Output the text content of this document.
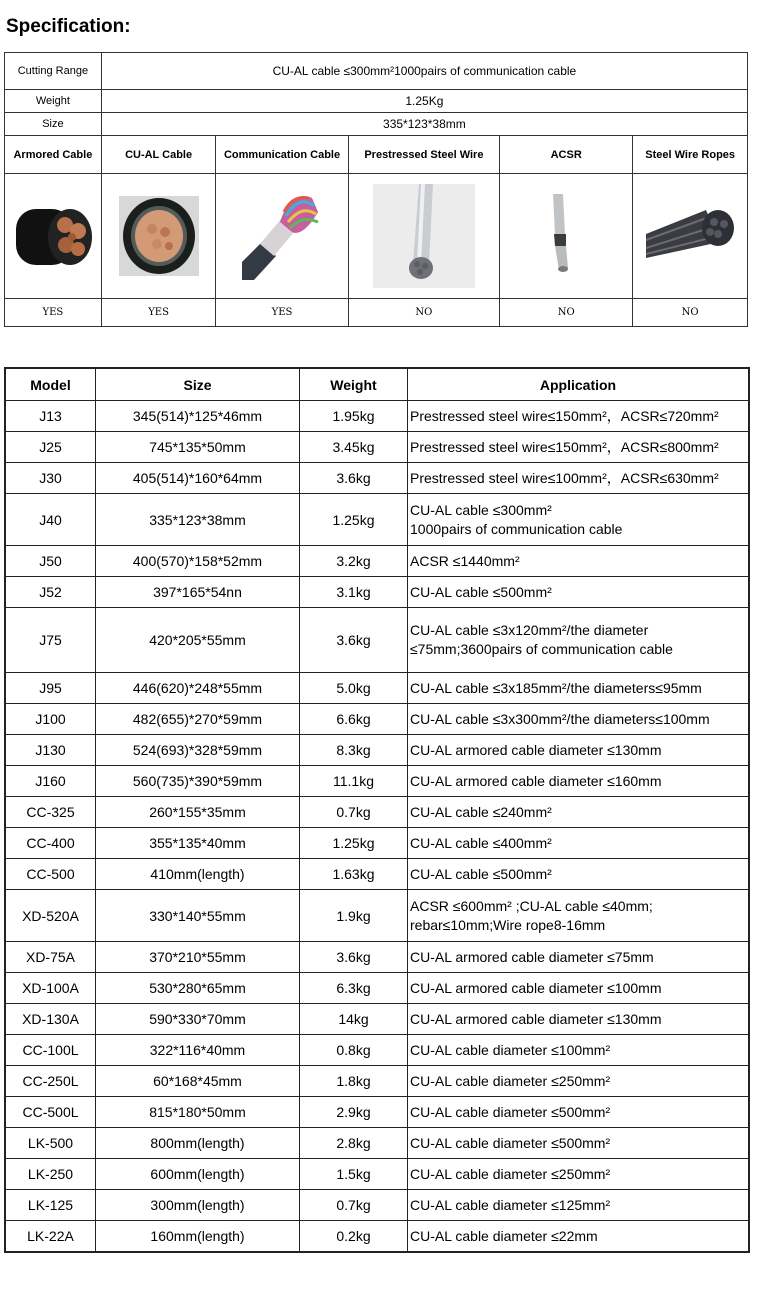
Specification:
Cutting Range	CU-AL cable ≤300mm²1000pairs of communication cable				
Weight	1.25Kg				
Size	335*123*38mm				
Armored Cable	CU-AL Cable	Communication Cable	Prestressed Steel Wire	ACSR	Steel Wire Ropes

YES	YES	YES	NO	NO	NO
Model	Size	Weight	Application
J13	345(514)*125*46mm	1.95kg	Prestressed steel wire≤150mm²，ACSR≤720mm²

J25	745*135*50mm	3.45kg	Prestressed steel wire≤150mm²，ACSR≤800mm²

J30	405(514)*160*64mm	3.6kg	Prestressed steel wire≤100mm²，ACSR≤630mm²

J40	335*123*38mm	1.25kg	CU-AL cable ≤300mm²
1000pairs of communication cable

J50	400(570)*158*52mm	3.2kg	ACSR ≤1440mm²

J52	397*165*54nn	3.1kg	CU-AL cable ≤500mm²

J75	420*205*55mm	3.6kg	CU-AL cable ≤3x120mm²/the diameter
≤75mm;3600pairs of communication cable

J95	446(620)*248*55mm	5.0kg	CU-AL cable ≤3x185mm²/the diameters≤95mm

J100	482(655)*270*59mm	6.6kg	CU-AL cable ≤3x300mm²/the diameters≤100mm

J130	524(693)*328*59mm	8.3kg	CU-AL armored cable diameter ≤130mm

J160	560(735)*390*59mm	11.1kg	CU-AL armored cable diameter ≤160mm

CC-325	260*155*35mm	0.7kg	CU-AL cable ≤240mm²

CC-400	355*135*40mm	1.25kg	CU-AL cable ≤400mm²

CC-500	410mm(length)	1.63kg	CU-AL cable ≤500mm²

XD-520A	330*140*55mm	1.9kg	ACSR ≤600mm² ;CU-AL cable ≤40mm;
rebar≤10mm;Wire rope8-16mm

XD-75A	370*210*55mm	3.6kg	CU-AL armored cable diameter ≤75mm

XD-100A	530*280*65mm	6.3kg	CU-AL armored cable diameter ≤100mm

XD-130A	590*330*70mm	14kg	CU-AL armored cable diameter ≤130mm

CC-100L	322*116*40mm	0.8kg	CU-AL cable diameter ≤100mm²

CC-250L	60*168*45mm	1.8kg	CU-AL cable diameter ≤250mm²

CC-500L	815*180*50mm	2.9kg	CU-AL cable diameter ≤500mm²

LK-500	800mm(length)	2.8kg	CU-AL cable diameter ≤500mm²

LK-250	600mm(length)	1.5kg	CU-AL cable diameter ≤250mm²

LK-125	300mm(length)	0.7kg	CU-AL cable diameter ≤125mm²

LK-22A	160mm(length)	0.2kg	CU-AL cable diameter ≤22mm
